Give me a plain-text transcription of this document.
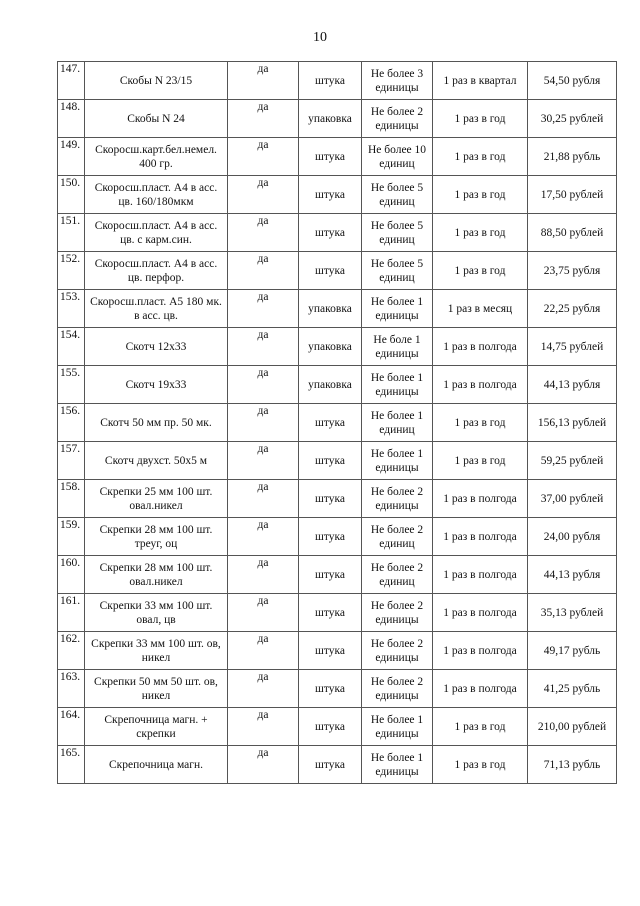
10
147.	Скобы N 23/15	да	штука	Не более 3 единицы	1 раз в квартал	54,50 рубля
148.	Скобы N 24	да	упаковка	Не более 2 единицы	1 раз в год	30,25 рублей
149.	Скоросш.карт.бел.немел. 400 гр.	да	штука	Не более 10 единиц	1 раз в год	21,88 рубль
150.	Скоросш.пласт. А4 в асс. цв. 160/180мкм	да	штука	Не более 5 единиц	1 раз в год	17,50 рублей
151.	Скоросш.пласт. А4 в асс. цв. с карм.син.	да	штука	Не более 5 единиц	1 раз в год	88,50 рублей
152.	Скоросш.пласт. А4 в асс. цв. перфор.	да	штука	Не более 5 единиц	1 раз в год	23,75 рубля
153.	Скоросш.пласт. А5 180 мк. в асс. цв.	да	упаковка	Не более 1 единицы	1 раз в месяц	22,25 рубля
154.	Скотч 12х33	да	упаковка	Не боле 1 единицы	1 раз в полгода	14,75 рублей
155.	Скотч 19х33	да	упаковка	Не более 1 единицы	1 раз в полгода	44,13 рубля
156.	Скотч 50 мм пр. 50 мк.	да	штука	Не более 1 единиц	1 раз в год	156,13 рублей
157.	Скотч двухст. 50х5 м	да	штука	Не более 1 единицы	1 раз в год	59,25 рублей
158.	Скрепки 25 мм 100 шт. овал.никел	да	штука	Не более 2 единицы	1 раз в полгода	37,00 рублей
159.	Скрепки 28 мм 100 шт. треуг, оц	да	штука	Не более 2 единиц	1 раз в полгода	24,00 рубля
160.	Скрепки 28 мм 100 шт. овал.никел	да	штука	Не более 2 единиц	1 раз в полгода	44,13 рубля
161.	Скрепки 33 мм 100 шт. овал, цв	да	штука	Не более 2 единицы	1 раз в полгода	35,13 рублей
162.	Скрепки 33 мм 100 шт. ов, никел	да	штука	Не более 2 единицы	1 раз в полгода	49,17 рубль
163.	Скрепки 50 мм 50 шт. ов, никел	да	штука	Не более 2 единицы	1 раз в полгода	41,25 рубль
164.	Скрепочница магн. + скрепки	да	штука	Не более 1 единицы	1 раз в год	210,00 рублей
165.	Скрепочница магн.	да	штука	Не более 1 единицы	1 раз в год	71,13 рубль
